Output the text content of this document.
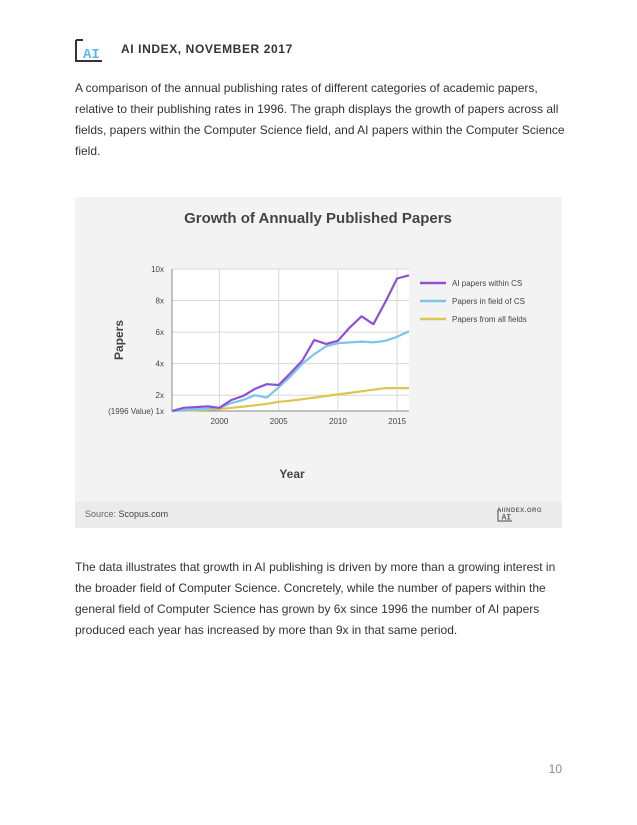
AI AI INDEX, NOVEMBER 2017

A comparison of the annual publishing rates of different categories of academic papers, relative to their publishing rates in 1996. The graph displays the growth of papers across all fields, papers within the Computer Science field, and AI papers within the Computer Science field.

Growth of Annually Published Papers
(1996 Value) 1x
2x
4x
6x
8x
10x
2000	2005	2010	2015
Year
Papers
AI papers within CS
Papers in field of CS
Papers from all fields
Source: Scopus.com	AIINDEX.ORG
AI

The data illustrates that growth in AI publishing is driven by more than a growing interest in the broader field of Computer Science. Concretely, while the number of papers within the general field of Computer Science has grown by 6x since 1996 the number of AI papers produced each year has increased by more than 9x in that same period.

10
